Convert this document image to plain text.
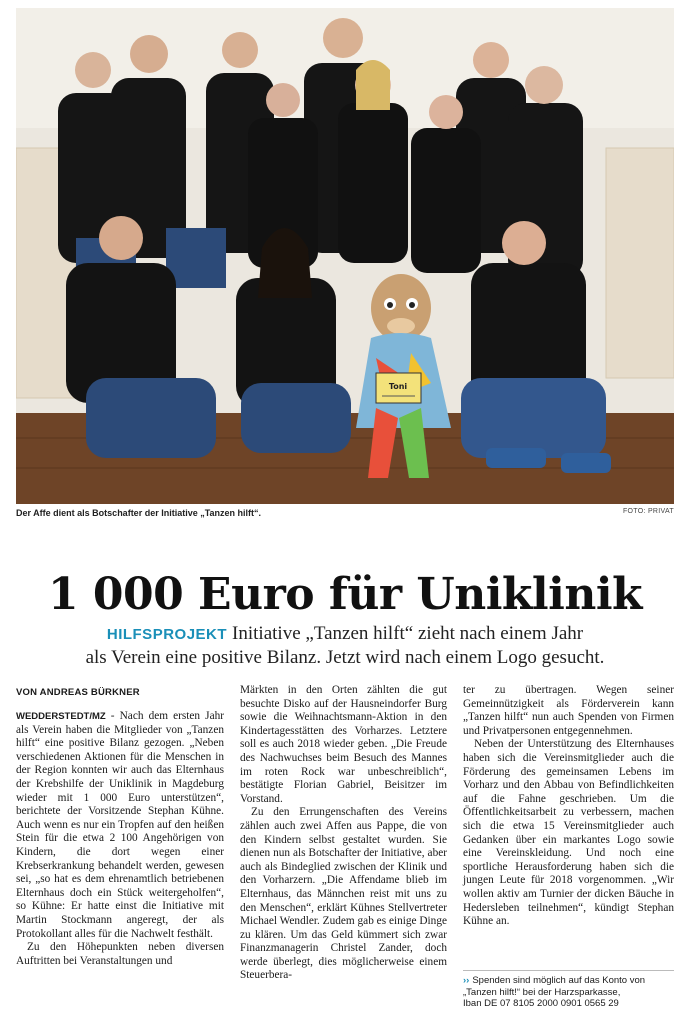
Toni
Der Affe dient als Botschafter der Initiative „Tanzen hilft“.	FOTO: PRIVAT
1 000 Euro für Uniklinik
HILFSPROJEKT Initiative „Tanzen hilft“ zieht nach einem Jahr
als Verein eine positive Bilanz. Jetzt wird nach einem Logo gesucht.
VON ANDREAS BÜRKNER

WEDDERSTEDT/MZ - Nach dem ersten Jahr als Verein haben die Mitglieder von „Tanzen hilft“ eine positive Bilanz gezogen. „Neben verschiedenen Aktionen für die Menschen in der Region konnten wir auch das Elternhaus der Krebshilfe der Uniklinik in Magdeburg wieder mit 1 000 Euro unterstützen“, berichtete der Vorsitzende Stephan Kühne. Auch wenn es nur ein Tropfen auf den heißen Stein für die etwa 2 100 Angehörigen von Kindern, die dort wegen einer Krebserkrankung behandelt werden, gewesen sei, „so hat es dem ehrenamtlich betriebenen Elternhaus doch ein Stück weitergeholfen“, so Kühne: Er hatte einst die Initiative mit Martin Stockmann angeregt, der als Protokollant alles für die Nachwelt festhält.

Zu den Höhepunkten neben diversen Auftritten bei Veranstaltungen und

Märkten in den Orten zählten die gut besuchte Disko auf der Hausneindorfer Burg sowie die Weihnachtsmann-Aktion in den Kindertagesstätten des Vorharzes. Letztere soll es auch 2018 wieder geben. „Die Freude des Nachwuchses beim Besuch des Mannes im roten Rock war unbeschreiblich“, bestätigte Florian Gabriel, Beisitzer im Vorstand.

Zu den Errungenschaften des Vereins zählen auch zwei Affen aus Pappe, die von den Kindern selbst gestaltet wurden. Sie dienen nun als Botschafter der Initiative, aber auch als Bindeglied zwischen der Klinik und den Vorharzern. „Die Affendame blieb im Elternhaus, das Männchen reist mit uns zu den Menschen“, erklärt Kühnes Stellvertreter Michael Wendler. Zudem gab es einige Dinge zu klären. Um das Geld kümmert sich zwar Finanzmanagerin Christel Zander, doch werde überlegt, dies möglicherweise einem Steuerbera-

ter zu übertragen. Wegen seiner Gemeinnützigkeit als Förderverein kann „Tanzen hilft“ nun auch Spenden von Firmen und Privatpersonen entgegennehmen.

Neben der Unterstützung des Elternhauses haben sich die Vereinsmitglieder auch die Förderung des gemeinsamen Lebens im Vorharz und den Abbau von Befindlichkeiten auf die Fahne geschrieben. Um die Öffentlichkeitsarbeit zu verbessern, machen sich die etwa 15 Vereinsmitglieder auch Gedanken über ein markantes Logo sowie eine Vereinskleidung. Und noch eine sportliche Herausforderung haben sich die jungen Leute für 2018 vorgenommen. „Wir wollen aktiv am Turnier der dicken Bäuche in Hedersleben teilnehmen“, kündigt Stephan Kühne an.

›› Spenden sind möglich auf das Konto von „Tanzen hilft!“ bei der Harzsparkasse,
Iban DE 07 8105 2000 0901 0565 29
